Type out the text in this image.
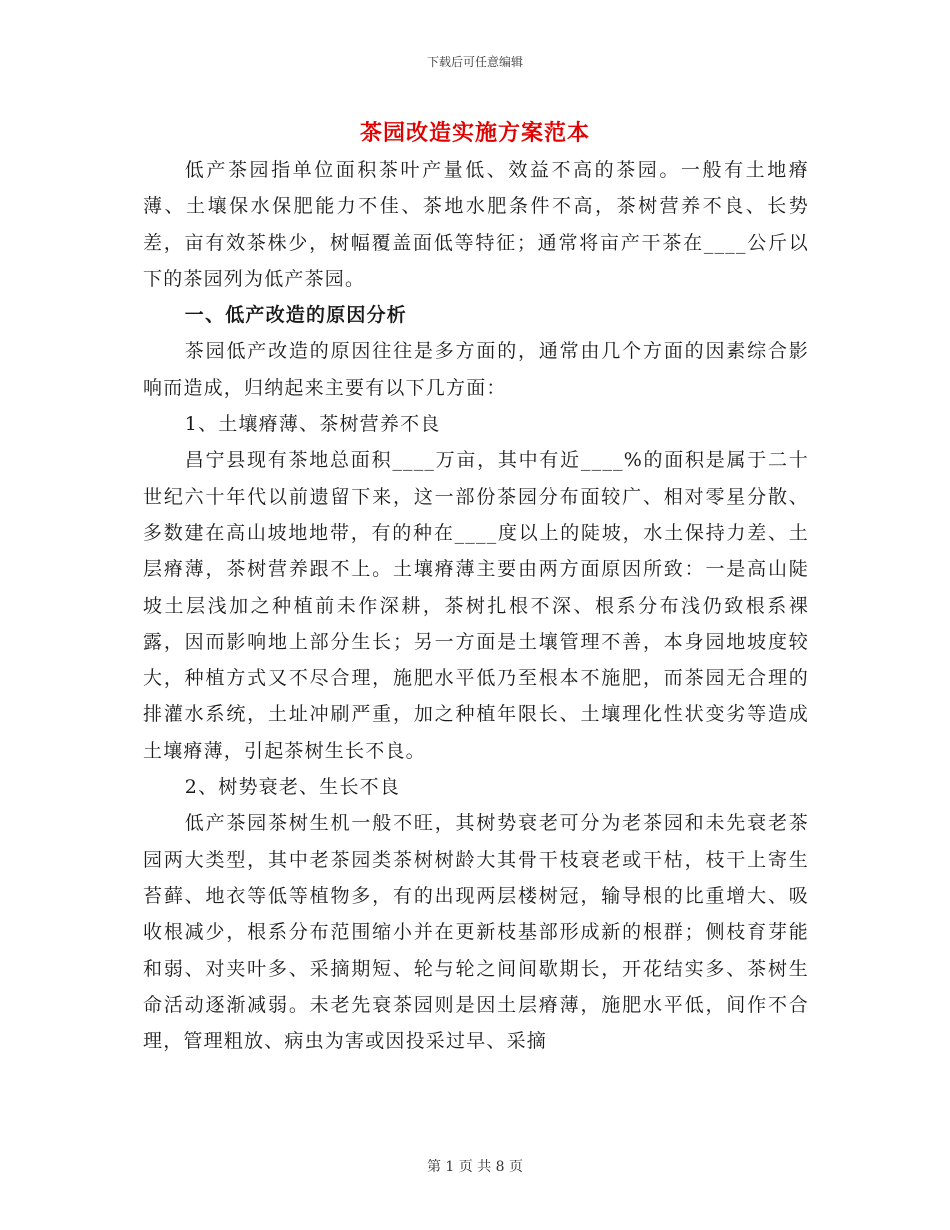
下载后可任意编辑
茶园改造实施方案范本

低产茶园指单位面积茶叶产量低、效益不高的茶园。一般有土地瘠薄、土壤保水保肥能力不佳、茶地水肥条件不高，茶树营养不良、长势差，亩有效茶株少，树幅覆盖面低等特征；通常将亩产干茶在____公斤以下的茶园列为低产茶园。

一、低产改造的原因分析

茶园低产改造的原因往往是多方面的，通常由几个方面的因素综合影响而造成，归纳起来主要有以下几方面：

1、土壤瘠薄、茶树营养不良

昌宁县现有茶地总面积____万亩，其中有近____%的面积是属于二十世纪六十年代以前遗留下来，这一部份茶园分布面较广、相对零星分散、多数建在高山坡地地带，有的种在____度以上的陡坡，水土保持力差、土层瘠薄，茶树营养跟不上。土壤瘠薄主要由两方面原因所致：一是高山陡坡土层浅加之种植前未作深耕，茶树扎根不深、根系分布浅仍致根系裸露，因而影响地上部分生长；另一方面是土壤管理不善，本身园地坡度较大，种植方式又不尽合理，施肥水平低乃至根本不施肥，而茶园无合理的排灌水系统，土址冲刷严重，加之种植年限长、土壤理化性状变劣等造成土壤瘠薄，引起茶树生长不良。

2、树势衰老、生长不良

低产茶园茶树生机一般不旺，其树势衰老可分为老茶园和未先衰老茶园两大类型，其中老茶园类茶树树龄大其骨干枝衰老或干枯，枝干上寄生苔藓、地衣等低等植物多，有的出现两层楼树冠，输导根的比重增大、吸收根减少，根系分布范围缩小并在更新枝基部形成新的根群；侧枝育芽能和弱、对夹叶多、采摘期短、轮与轮之间间歇期长，开花结实多、茶树生命活动逐渐减弱。未老先衰茶园则是因土层瘠薄，施肥水平低，间作不合理，管理粗放、病虫为害或因投采过早、采摘

第 1 页 共 8 页
